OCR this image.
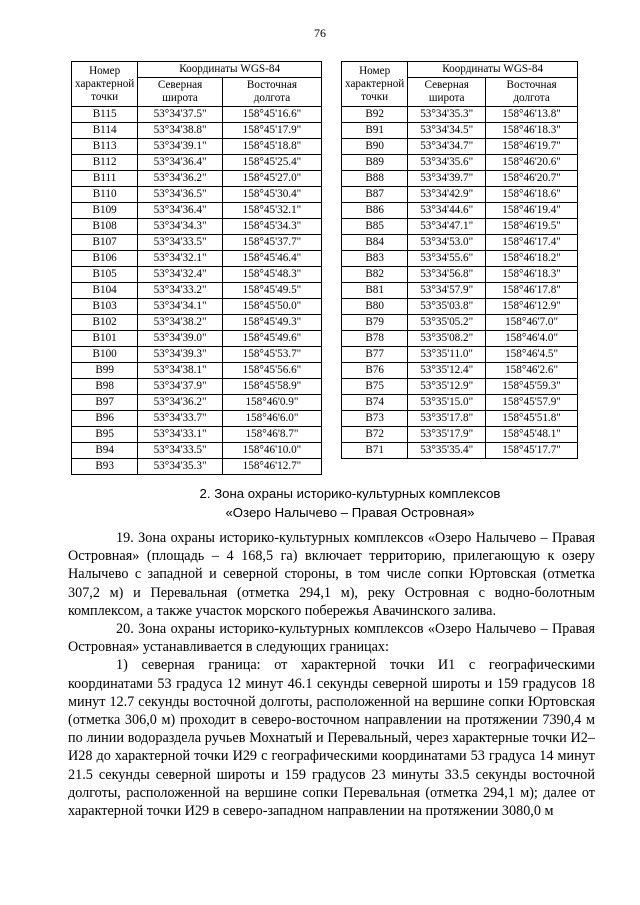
76
Номер
характерной
точки	Координаты WGS-84	
	Северная
широта	Восточная
долгота
В115	53°34'37.5"	158°45'16.6"
В114	53°34'38.8"	158°45'17.9"
В113	53°34'39.1"	158°45'18.8"
В112	53°34'36.4"	158°45'25.4"
В111	53°34'36.2"	158°45'27.0"
В110	53°34'36.5"	158°45'30.4"
В109	53°34'36.4"	158°45'32.1"
В108	53°34'34.3"	158°45'34.3"
В107	53°34'33.5"	158°45'37.7"
В106	53°34'32.1"	158°45'46.4"
В105	53°34'32.4"	158°45'48.3"
В104	53°34'33.2"	158°45'49.5"
В103	53°34'34.1"	158°45'50.0"
В102	53°34'38.2"	158°45'49.3"
В101	53°34'39.0"	158°45'49.6"
В100	53°34'39.3"	158°45'53.7"
В99	53°34'38.1"	158°45'56.6"
В98	53°34'37.9"	158°45'58.9"
В97	53°34'36.2"	158°46'0.9"
В96	53°34'33.7"	158°46'6.0"
В95	53°34'33.1"	158°46'8.7"
В94	53°34'33.5"	158°46'10.0"
В93	53°34'35.3"	158°46'12.7"
Номер
характерной
точки	Координаты WGS-84	
	Северная
широта	Восточная
долгота
В92	53°34'35.3"	158°46'13.8"
В91	53°34'34.5"	158°46'18.3"
В90	53°34'34.7"	158°46'19.7"
В89	53°34'35.6"	158°46'20.6"
В88	53°34'39.7"	158°46'20.7"
В87	53°34'42.9"	158°46'18.6"
В86	53°34'44.6"	158°46'19.4"
В85	53°34'47.1"	158°46'19.5"
В84	53°34'53.0"	158°46'17.4"
В83	53°34'55.6"	158°46'18.2"
В82	53°34'56.8"	158°46'18.3"
В81	53°34'57.9"	158°46'17.8"
В80	53°35'03.8"	158°46'12.9"
В79	53°35'05.2"	158°46'7.0"
В78	53°35'08.2"	158°46'4.0"
В77	53°35'11.0"	158°46'4.5"
В76	53°35'12.4"	158°46'2.6"
В75	53°35'12.9"	158°45'59.3"
В74	53°35'15.0"	158°45'57.9"
В73	53°35'17.8"	158°45'51.8"
В72	53°35'17.9"	158°45'48.1"
В71	53°35'35.4"	158°45'17.7"
2. Зона охраны историко-культурных комплексов
«Озеро Налычево – Правая Островная»

19. Зона охраны историко-культурных комплексов «Озеро Налычево – Правая Островная» (площадь – 4 168,5 га) включает территорию, прилегающую к озеру Налычево с западной и северной стороны, в том числе сопки Юртовская (отметка 307,2 м) и Перевальная (отметка 294,1 м), реку Островная с водно-болотным комплексом, а также участок морского побережья Авачинского залива.

20. Зона охраны историко-культурных комплексов «Озеро Налычево – Правая Островная» устанавливается в следующих границах:

1) северная граница: от характерной точки И1 с географическими координатами 53 градуса 12 минут 46.1 секунды северной широты и 159 градусов 18 минут 12.7 секунды восточной долготы, расположенной на вершине сопки Юртовская (отметка 306,0 м) проходит в северо-восточном направлении на протяжении 7390,4 м по линии водораздела ручьев Мохнатый и Перевальный, через характерные точки И2–И28 до характерной точки И29 с географическими координатами 53 градуса 14 минут 21.5 секунды северной широты и 159 градусов 23 минуты 33.5 секунды восточной долготы, расположенной на вершине сопки Перевальная (отметка 294,1 м); далее от характерной точки И29 в северо-западном направлении на протяжении 3080,0 м
